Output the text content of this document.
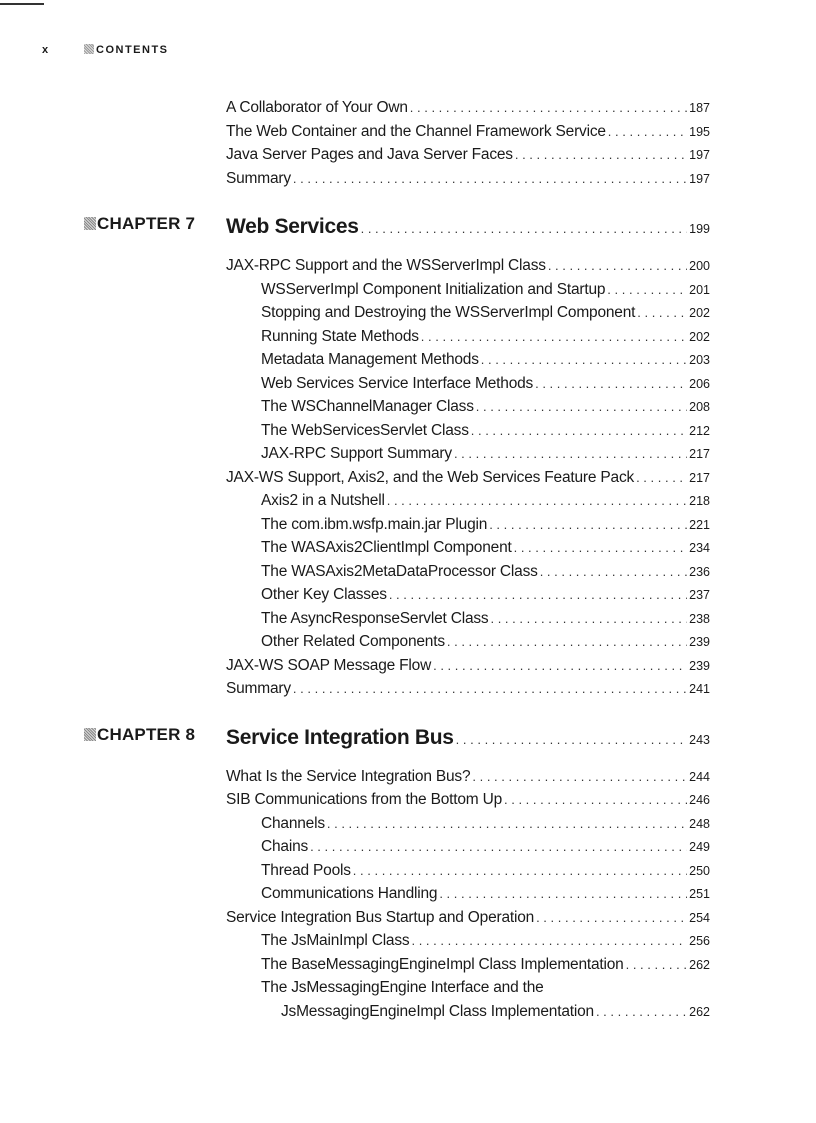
x	CONTENTS
A Collaborator of Your Own . . .	187
The Web Container and the Channel Framework Service . . .	195
Java Server Pages and Java Server Faces . . .	197
Summary . . .	197
CHAPTER 7 Web Services . . .	199
JAX-RPC Support and the WSServerImpl Class . . .	200
WSServerImpl Component Initialization and Startup . . .	201
Stopping and Destroying the WSServerImpl Component . . .	202
Running State Methods . . .	202
Metadata Management Methods . . .	203
Web Services Service Interface Methods . . .	206
The WSChannelManager Class . . .	208
The WebServicesServlet Class . . .	212
JAX-RPC Support Summary . . .	217
JAX-WS Support, Axis2, and the Web Services Feature Pack . . .	217
Axis2 in a Nutshell . . .	218
The com.ibm.wsfp.main.jar Plugin . . .	221
The WASAxis2ClientImpl Component . . .	234
The WASAxis2MetaDataProcessor Class . . .	236
Other Key Classes . . .	237
The AsyncResponseServlet Class . . .	238
Other Related Components . . .	239
JAX-WS SOAP Message Flow . . .	239
Summary . . .	241
CHAPTER 8 Service Integration Bus . . .	243
What Is the Service Integration Bus? . . .	244
SIB Communications from the Bottom Up . . .	246
Channels . . .	248
Chains . . .	249
Thread Pools . . .	250
Communications Handling . . .	251
Service Integration Bus Startup and Operation . . .	254
The JsMainImpl Class . . .	256
The BaseMessagingEngineImpl Class Implementation . . .	262
The JsMessagingEngine Interface and the
JsMessagingEngineImpl Class Implementation . . .	262
